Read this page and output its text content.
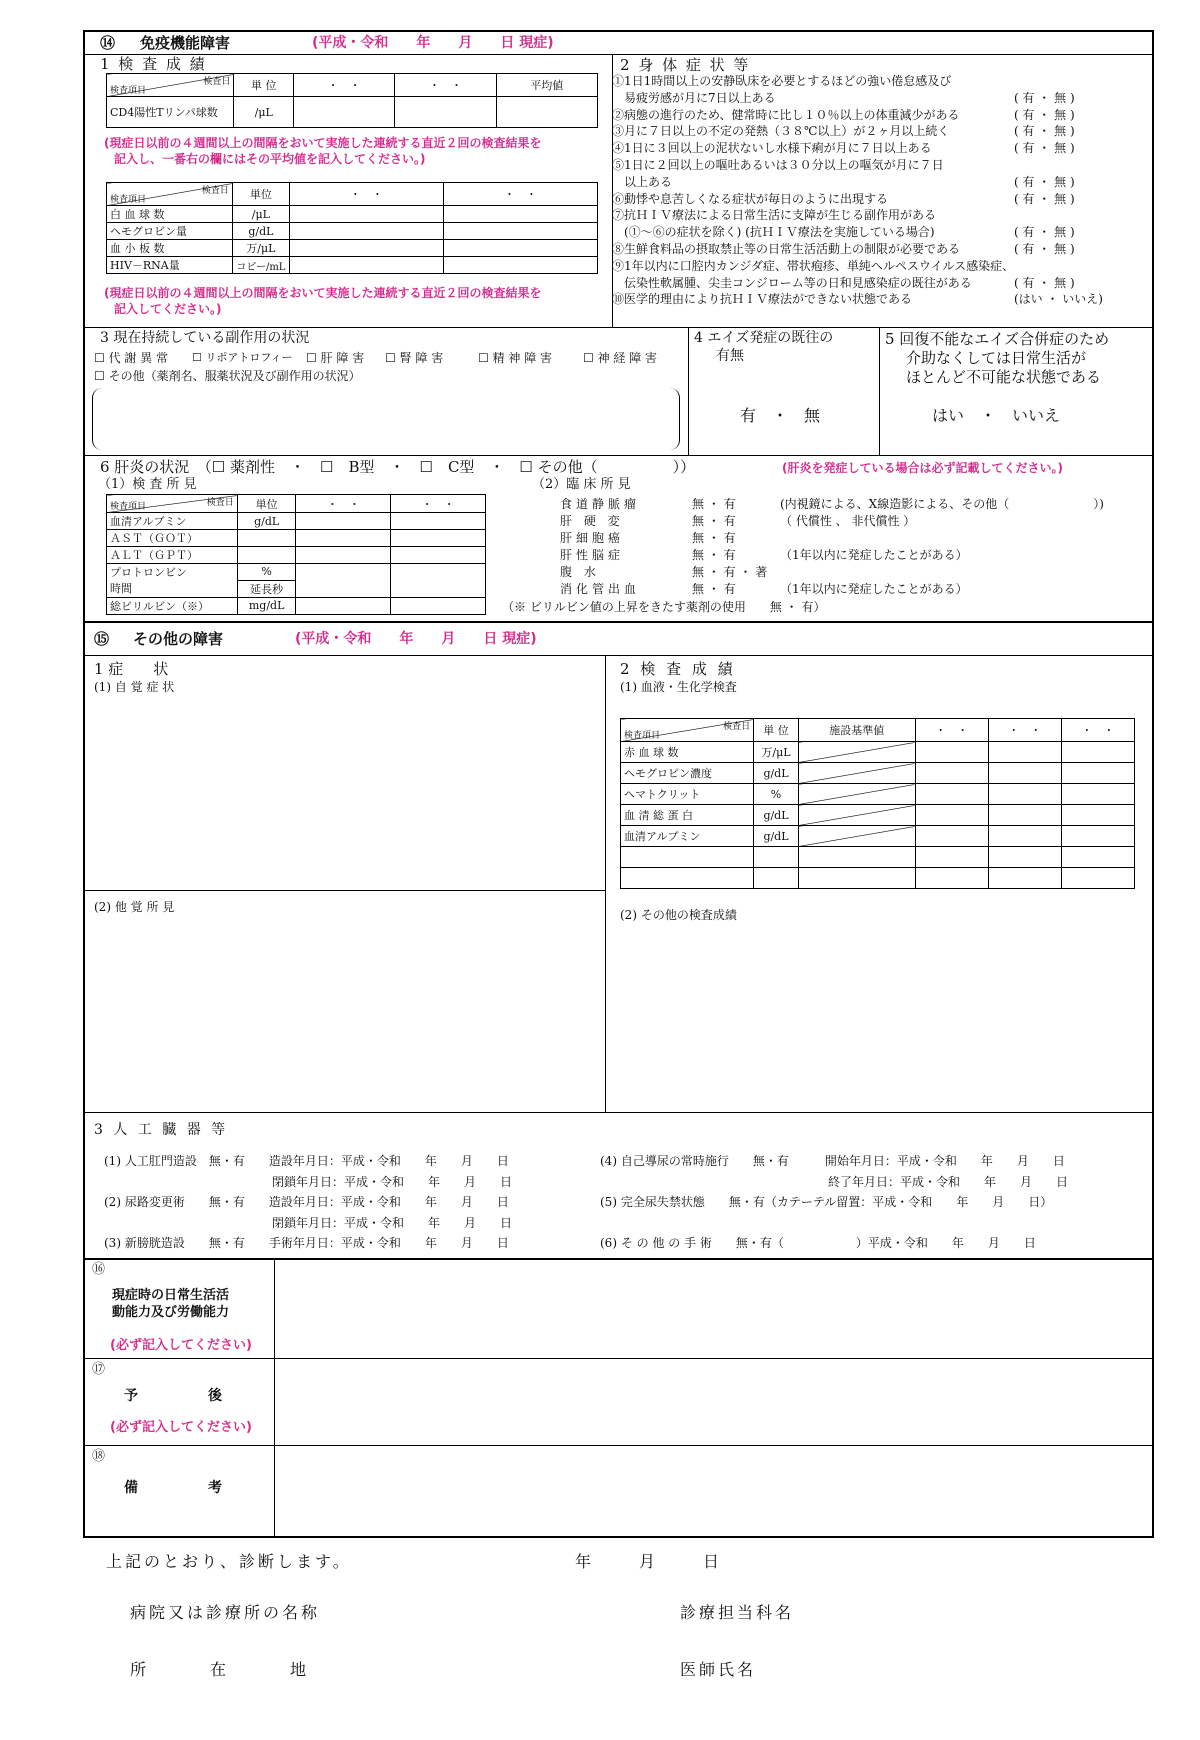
⑭ 免疫機能障害	(平成・令和　　年　　月　　日 現症)
1 検 査 成 績
検査日
検査項目	単 位	・　・	・　・	平均値
CD4陽性Tリンパ球数	/μL			
(現症日以前の４週間以上の間隔をおいて実施した連続する直近２回の検査結果を
記入し、一番右の欄にはその平均値を記入してください。)
検査日
検査項目	単位	・　・	・　・
白 血 球 数	/μL		
ヘモグロビン量	g/dL		
血 小 板 数	万/μL		
HIV－RNA量	コピー/mL		
(現症日以前の４週間以上の間隔をおいて実施した連続する直近２回の検査結果を
記入してください。)
2 身 体 症 状 等
①1日1時間以上の安静臥床を必要とするほどの強い倦怠感及び
　易疲労感が月に7日以上ある	( 有 ・ 無 )
②病態の進行のため、健常時に比し１０％以上の体重減少がある	( 有 ・ 無 )
③月に７日以上の不定の発熱（３８℃以上）が２ヶ月以上続く	( 有 ・ 無 )
④1日に３回以上の泥状ないし水様下痢が月に７日以上ある	( 有 ・ 無 )
⑤1日に２回以上の嘔吐あるいは３０分以上の嘔気が月に７日
　以上ある	( 有 ・ 無 )
⑥動悸や息苦しくなる症状が毎日のように出現する	( 有 ・ 無 )
⑦抗ＨＩＶ療法による日常生活に支障が生じる副作用がある
　(①〜⑥の症状を除く) (抗ＨＩＶ療法を実施している場合)	( 有 ・ 無 )
⑧生鮮食料品の摂取禁止等の日常生活活動上の制限が必要である	( 有 ・ 無 )
⑨1年以内に口腔内カンジダ症、帯状疱疹、単純ヘルペスウイルス感染症、
　伝染性軟属腫、尖圭コンジローム等の日和見感染症の既往がある	( 有 ・ 無 )
⑩医学的理由により抗ＨＩＶ療法ができない状態である	(はい ・ いいえ)
3 現在持続している副作用の状況
☐ 代 謝 異 常 ☐ リポアトロフィー ☐ 肝 障 害 ☐ 腎 障 害	☐ 精 神 障 害	☐ 神 経 障 害
☐ その他（薬剤名、服薬状況及び副作用の状況）
4 エイズ発症の既往の
有無
有　・　無
5 回復不能なエイズ合併症のため
介助なくしては日常生活が
ほとんど不可能な状態である
はい　・　いいえ
6 肝炎の状況　（☐ 薬剤性　・　☐　B型　・　☐　C型　・　☐ その他（　　　　　））	(肝炎を発症している場合は必ず記載してください。)
（1）検 査 所 見
検査日
検査項目	単位	・　・	・　・
血清アルブミン	g/dL		
ＡＳＴ（ＧＯＴ）			
ＡＬＴ（ＧＰＴ）			
プロトロンビン	%		
時間	延長秒		
総ビリルビン（※）	mg/dL		
（2）臨 床 所 見
食道静脈瘤	無 ・ 有	(内視鏡による、X線造影による、その他（　　　　　　　）)
肝 硬 変	無 ・ 有	（ 代償性 、 非代償性 ）
肝細胞癌	無 ・ 有
肝性脳症	無 ・ 有	（1年以内に発症したことがある）
腹 水	無 ・ 有 ・ 著
消化管出血	無 ・ 有	（1年以内に発症したことがある）
（※ ビリルビン値の上昇をきたす薬剤の使用　　無 ・ 有）
⑮ その他の障害	(平成・令和　　年　　月　　日 現症)
1 症　　状
(1) 自 覚 症 状
(2) 他 覚 所 見
2 検 査 成 績
(1) 血液・生化学検査
検査日
検査項目	単 位	施設基準値	・　・	・　・	・　・
赤 血 球 数	万/μL				
ヘモグロビン濃度	g/dL				
ヘマトクリット	%				
血 清 総 蛋 白	g/dL				
血清アルブミン	g/dL				

(2) その他の検査成績
3 人 工 臓 器 等
(1) 人工肛門造設　無・有　　造設年月日：平成・令和　　年　　月　　日	(4) 自己導尿の常時施行　　無・有　　　開始年月日：平成・令和　　年　　月　　日
　　　　　　　　　　　　　　閉鎖年月日：平成・令和　　年　　月　　日	　　　　　　　　　　　　　　　　　　　終了年月日：平成・令和　　年　　月　　日
(2) 尿路変更術　　無・有　　造設年月日：平成・令和　　年　　月　　日	(5) 完全尿失禁状態　　無・有（カテーテル留置：平成・令和　　年　　月　　日）
　　　　　　　　　　　　　　閉鎖年月日：平成・令和　　年　　月　　日
(3) 新膀胱造設　　無・有　　手術年月日：平成・令和　　年　　月　　日	(6) そ の 他 の 手 術　　無・有（　　　　　　）平成・令和　　年　　月　　日
⑯
現症時の日常生活活
動能力及び労働能力
(必ず記入してください)
⑰
予　　　　　後
(必ず記入してください)
⑱
備　　　　　考
上記のとおり、診断します。	年　　　月　　　日
病院又は診療所の名称	診療担当科名
所　　　　在　　　　地	医師氏名
